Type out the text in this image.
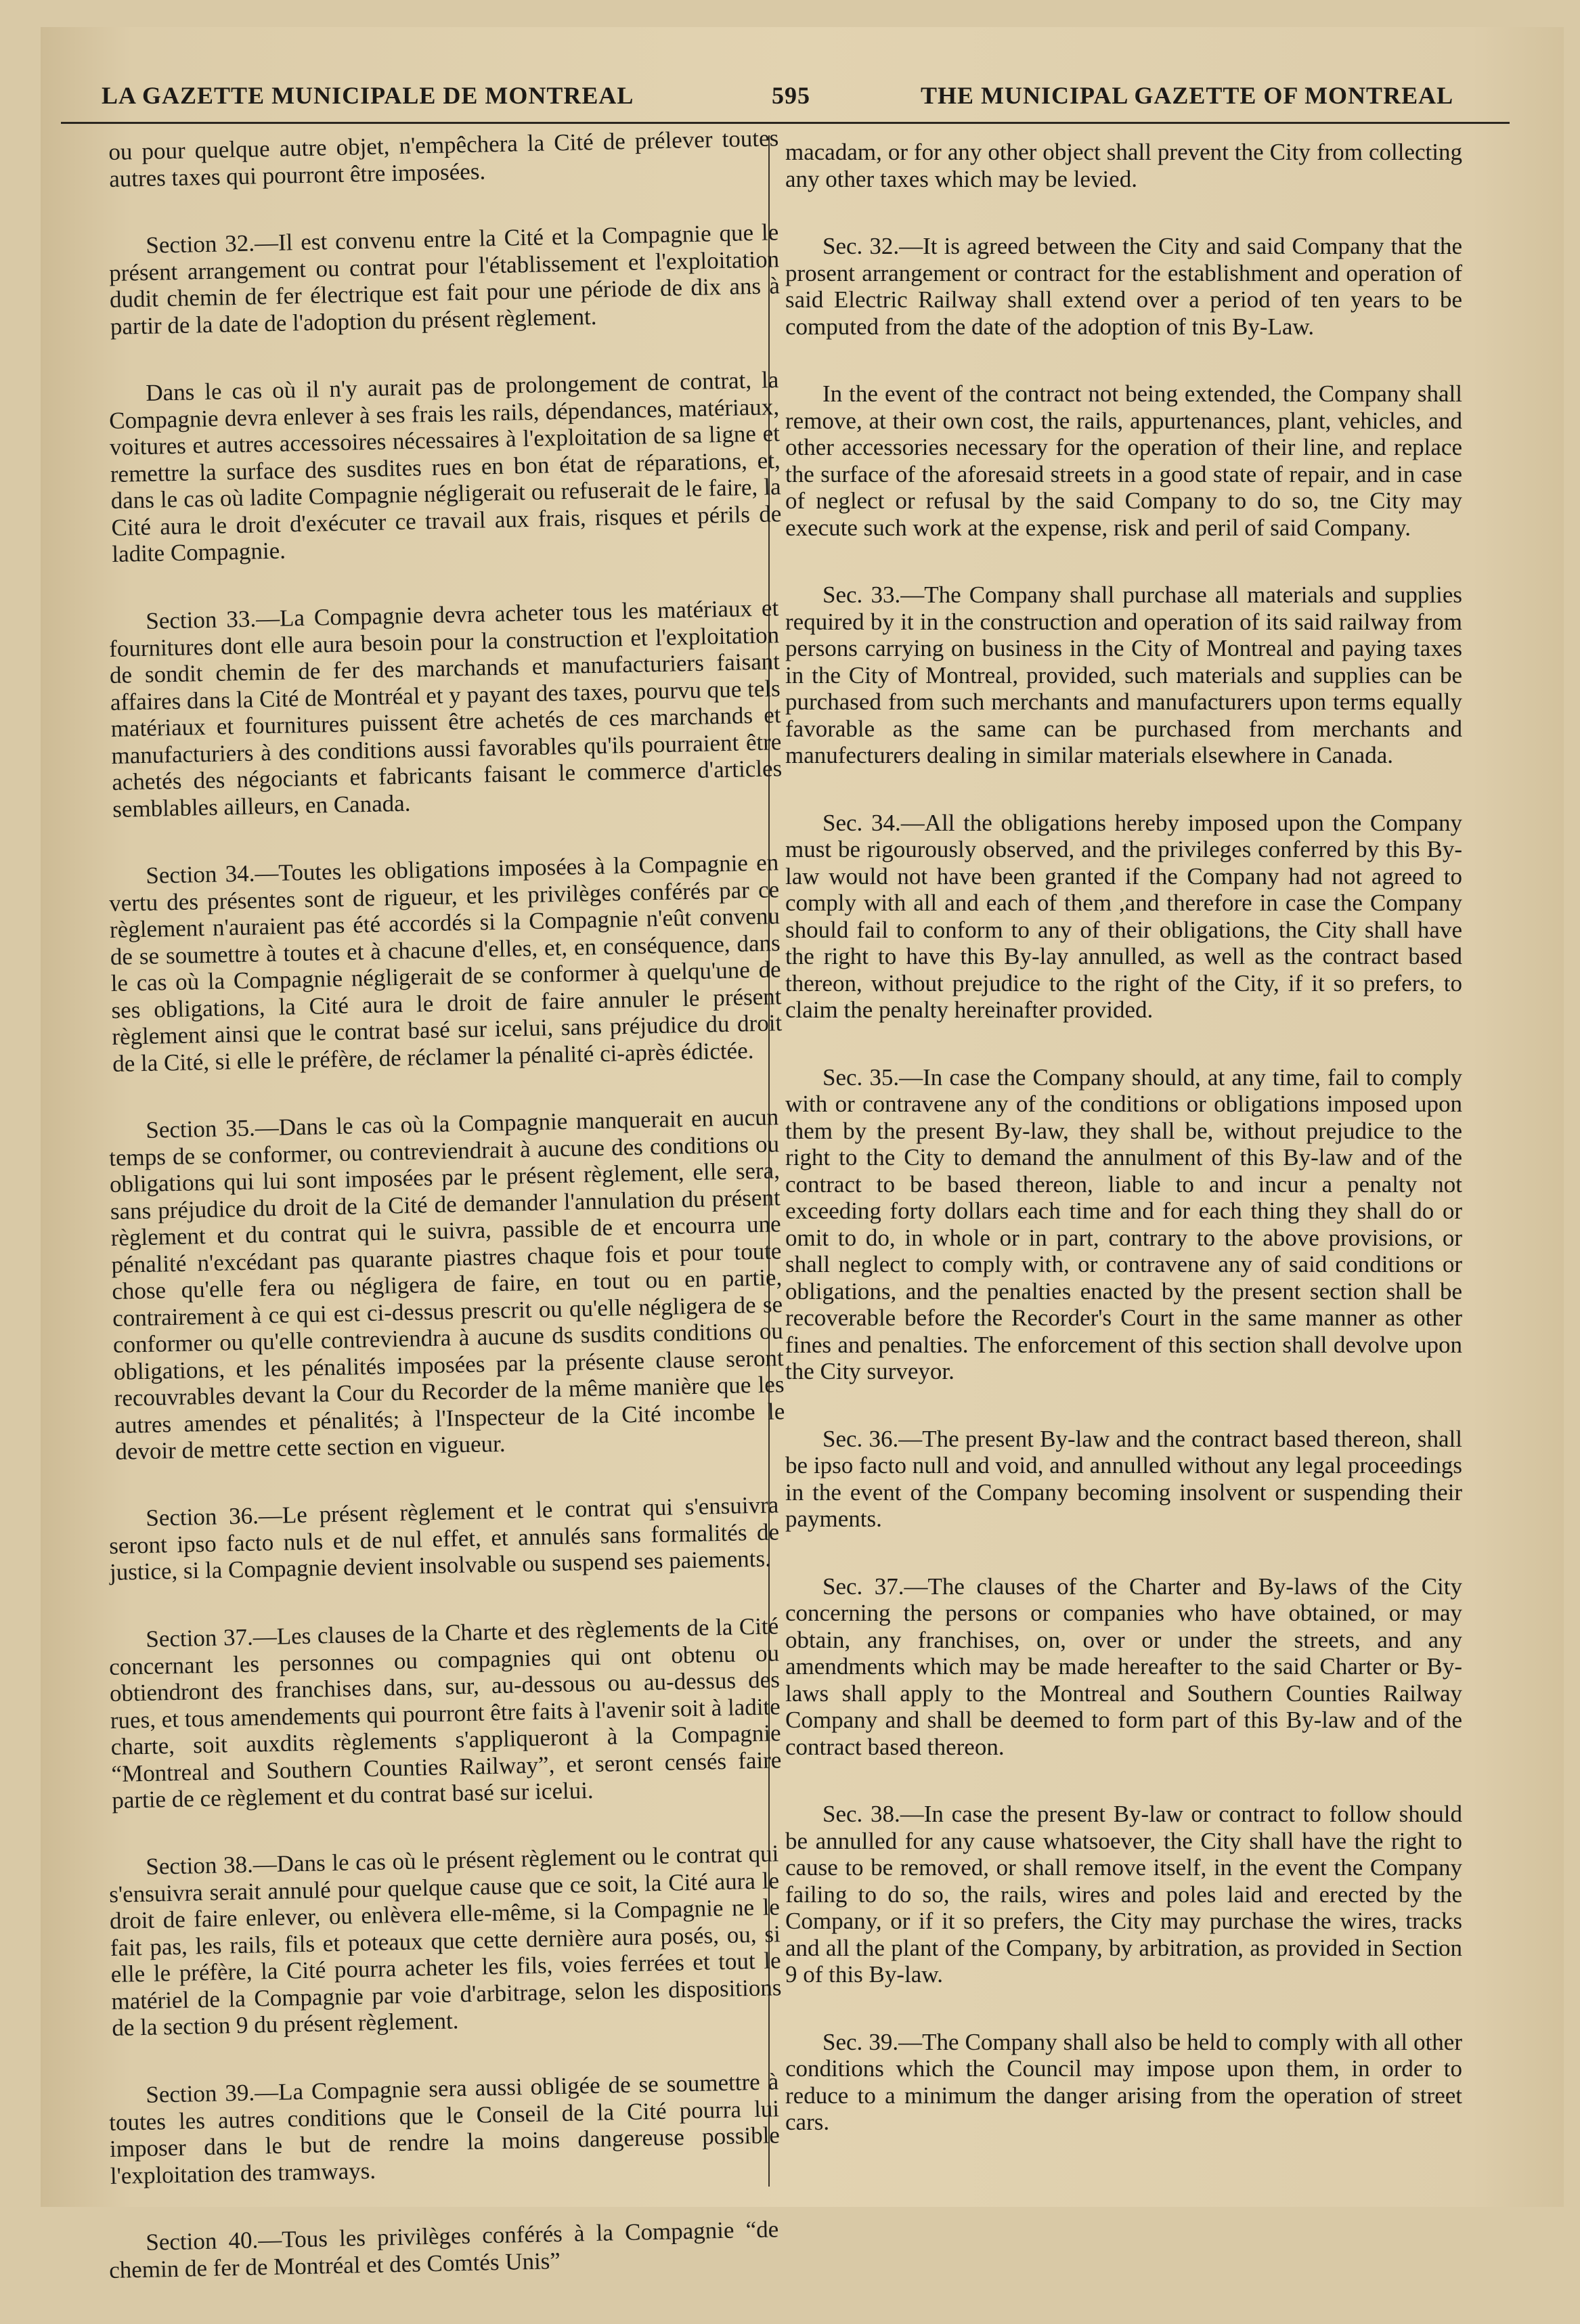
LA GAZETTE MUNICIPALE DE MONTREAL	595	THE MUNICIPAL GAZETTE OF MONTREAL

ou pour quelque autre objet, n'empêchera la Cité de prélever toutes autres taxes qui pourront être imposées.

Section 32.—Il est convenu entre la Cité et la Compagnie que le présent arrangement ou contrat pour l'établissement et l'exploitation dudit chemin de fer électrique est fait pour une période de dix ans à partir de la date de l'adoption du présent règlement.

Dans le cas où il n'y aurait pas de prolongement de contrat, la Compagnie devra enlever à ses frais les rails, dépendances, matériaux, voitures et autres accessoires nécessaires à l'exploitation de sa ligne et remettre la surface des susdites rues en bon état de réparations, et, dans le cas où ladite Compagnie négligerait ou refuserait de le faire, la Cité aura le droit d'exécuter ce travail aux frais, risques et périls de ladite Compagnie.

Section 33.—La Compagnie devra acheter tous les matériaux et fournitures dont elle aura besoin pour la construction et l'exploitation de sondit chemin de fer des marchands et manufacturiers faisant affaires dans la Cité de Montréal et y payant des taxes, pourvu que tels matériaux et fournitures puissent être achetés de ces marchands et manufacturiers à des conditions aussi favorables qu'ils pourraient être achetés des négociants et fabricants faisant le commerce d'articles semblables ailleurs, en Canada.

Section 34.—Toutes les obligations imposées à la Compagnie en vertu des présentes sont de rigueur, et les privilèges conférés par ce règlement n'auraient pas été accordés si la Compagnie n'eût convenu de se soumettre à toutes et à chacune d'elles, et, en conséquence, dans le cas où la Compagnie négligerait de se conformer à quelqu'une de ses obligations, la Cité aura le droit de faire annuler le présent règlement ainsi que le contrat basé sur icelui, sans préjudice du droit de la Cité, si elle le préfère, de réclamer la pénalité ci-après édictée.

Section 35.—Dans le cas où la Compagnie manquerait en aucun temps de se conformer, ou contreviendrait à aucune des conditions ou obligations qui lui sont imposées par le présent règlement, elle sera, sans préjudice du droit de la Cité de demander l'annulation du présent règlement et du contrat qui le suivra, passible de et encourra une pénalité n'excédant pas quarante piastres chaque fois et pour toute chose qu'elle fera ou négligera de faire, en tout ou en partie, contrairement à ce qui est ci-dessus prescrit ou qu'elle négligera de se conformer ou qu'elle contreviendra à aucune ds susdits conditions ou obligations, et les pénalités imposées par la présente clause seront recouvrables devant la Cour du Recorder de la même manière que les autres amendes et pénalités; à l'Inspecteur de la Cité incombe le devoir de mettre cette section en vigueur.

Section 36.—Le présent règlement et le contrat qui s'ensuivra seront ipso facto nuls et de nul effet, et annulés sans formalités de justice, si la Compagnie devient insolvable ou suspend ses paiements.

Section 37.—Les clauses de la Charte et des règlements de la Cité concernant les personnes ou compagnies qui ont obtenu ou obtiendront des franchises dans, sur, au-dessous ou au-dessus des rues, et tous amendements qui pourront être faits à l'avenir soit à ladite charte, soit auxdits règlements s'appliqueront à la Compagnie “Montreal and Southern Counties Railway”, et seront censés faire partie de ce règlement et du contrat basé sur icelui.

Section 38.—Dans le cas où le présent règlement ou le contrat qui s'ensuivra serait annulé pour quelque cause que ce soit, la Cité aura le droit de faire enlever, ou enlèvera elle-même, si la Compagnie ne le fait pas, les rails, fils et poteaux que cette dernière aura posés, ou, si elle le préfère, la Cité pourra acheter les fils, voies ferrées et tout le matériel de la Compagnie par voie d'arbitrage, selon les dispositions de la section 9 du présent règlement.

Section 39.—La Compagnie sera aussi obligée de se soumettre à toutes les autres conditions que le Conseil de la Cité pourra lui imposer dans le but de rendre la moins dangereuse possible l'exploitation des tramways.

Section 40.—Tous les privilèges conférés à la Compagnie “de chemin de fer de Montréal et des Comtés Unis”

macadam, or for any other object shall prevent the City from collecting any other taxes which may be levied.

Sec. 32.—It is agreed between the City and said Company that the prosent arrangement or contract for the establishment and operation of said Electric Railway shall extend over a period of ten years to be computed from the date of the adoption of tnis By-Law.

In the event of the contract not being extended, the Company shall remove, at their own cost, the rails, appurtenances, plant, vehicles, and other accessories necessary for the operation of their line, and replace the surface of the aforesaid streets in a good state of repair, and in case of neglect or refusal by the said Company to do so, tne City may execute such work at the expense, risk and peril of said Company.

Sec. 33.—The Company shall purchase all materials and supplies required by it in the construction and operation of its said railway from persons carrying on business in the City of Montreal and paying taxes in the City of Montreal, provided, such materials and supplies can be purchased from such merchants and manufacturers upon terms equally favorable as the same can be purchased from merchants and manufecturers dealing in similar materials elsewhere in Canada.

Sec. 34.—All the obligations hereby imposed upon the Company must be rigourously observed, and the privileges conferred by this By-law would not have been granted if the Company had not agreed to comply with all and each of them ,and therefore in case the Company should fail to conform to any of their obligations, the City shall have the right to have this By-lay annulled, as well as the contract based thereon, without prejudice to the right of the City, if it so prefers, to claim the penalty hereinafter provided.

Sec. 35.—In case the Company should, at any time, fail to comply with or contravene any of the conditions or obligations imposed upon them by the present By-law, they shall be, without prejudice to the right to the City to demand the annulment of this By-law and of the contract to be based thereon, liable to and incur a penalty not exceeding forty dollars each time and for each thing they shall do or omit to do, in whole or in part, contrary to the above provisions, or shall neglect to comply with, or contravene any of said conditions or obligations, and the penalties enacted by the present section shall be recoverable before the Recorder's Court in the same manner as other fines and penalties. The enforcement of this section shall devolve upon the City surveyor.

Sec. 36.—The present By-law and the contract based thereon, shall be ipso facto null and void, and annulled without any legal proceedings in the event of the Company becoming insolvent or suspending their payments.

Sec. 37.—The clauses of the Charter and By-laws of the City concerning the persons or companies who have obtained, or may obtain, any franchises, on, over or under the streets, and any amendments which may be made hereafter to the said Charter or By-laws shall apply to the Montreal and Southern Counties Railway Company and shall be deemed to form part of this By-law and of the contract based thereon.

Sec. 38.—In case the present By-law or contract to follow should be annulled for any cause whatsoever, the City shall have the right to cause to be removed, or shall remove itself, in the event the Company failing to do so, the rails, wires and poles laid and erected by the Company, or if it so prefers, the City may purchase the wires, tracks and all the plant of the Company, by arbitration, as provided in Section 9 of this By-law.

Sec. 39.—The Company shall also be held to comply with all other conditions which the Council may impose upon them, in order to reduce to a minimum the danger arising from the operation of street cars.
